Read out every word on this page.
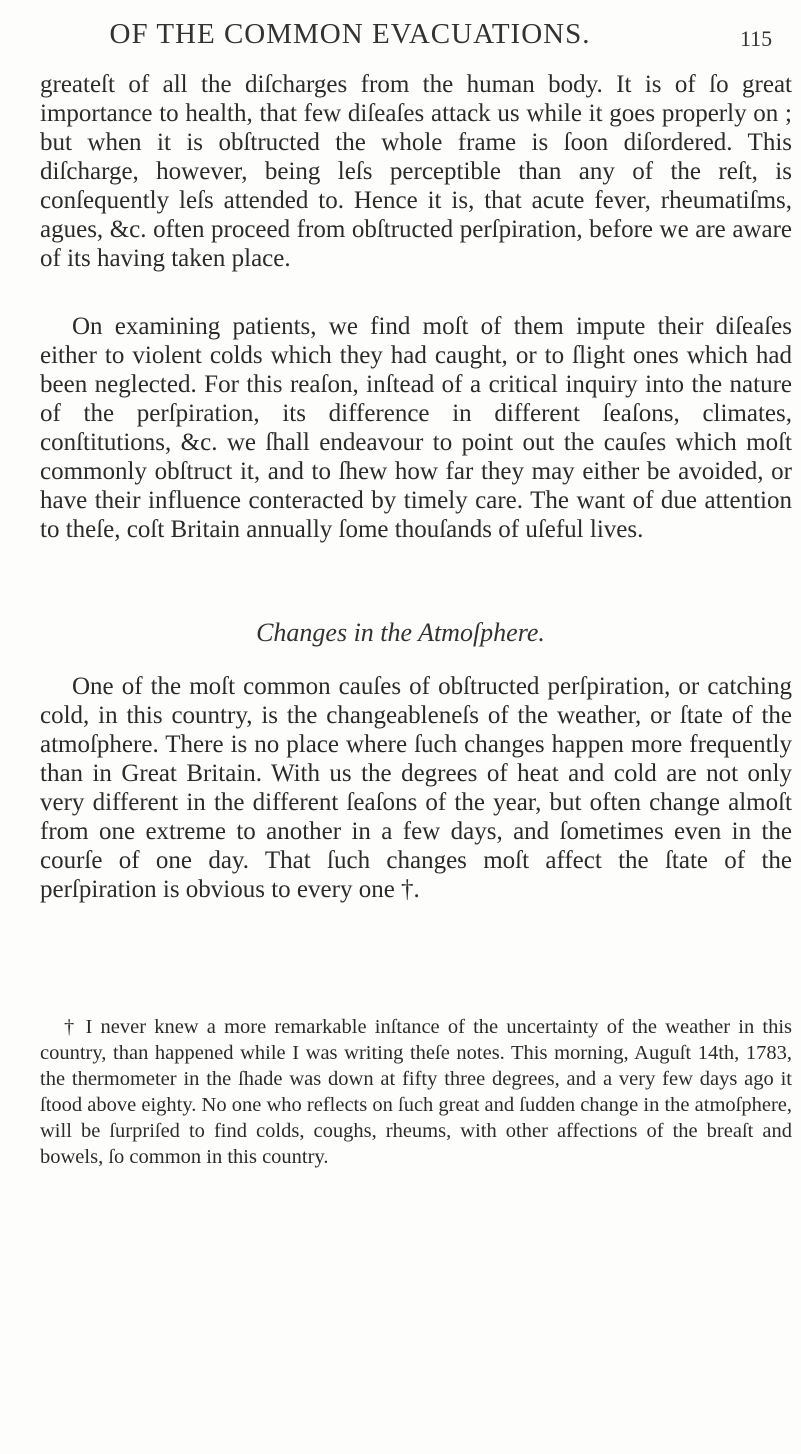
OF THE COMMON EVACUATIONS.	115

greateſt of all the diſcharges from the human body. It is of ſo great importance to health, that few diſeaſes attack us while it goes properly on ; but when it is obſtructed the whole frame is ſoon diſordered. This diſcharge, however, being leſs perceptible than any of the reſt, is conſequently leſs attended to. Hence it is, that acute fever, rheumatiſms, agues, &c. often proceed from obſtructed perſpiration, before we are aware of its having taken place.

On examining patients, we find moſt of them impute their diſeaſes either to violent colds which they had caught, or to ſlight ones which had been neglected. For this reaſon, inſtead of a critical inquiry into the nature of the perſpiration, its difference in different ſeaſons, climates, conſtitutions, &c. we ſhall endeavour to point out the cauſes which moſt commonly obſtruct it, and to ſhew how far they may either be avoided, or have their influence conteracted by timely care. The want of due attention to theſe, coſt Britain annually ſome thouſands of uſeful lives.

Changes in the Atmoſphere.

One of the moſt common cauſes of obſtructed perſpiration, or catching cold, in this country, is the changeableneſs of the weather, or ſtate of the atmoſphere. There is no place where ſuch changes happen more frequently than in Great Britain. With us the degrees of heat and cold are not only very different in the different ſeaſons of the year, but often change almoſt from one extreme to another in a few days, and ſometimes even in the courſe of one day. That ſuch changes moſt affect the ſtate of the perſpiration is obvious to every one †.

† I never knew a more remarkable inſtance of the uncertainty of the weather in this country, than happened while I was writing theſe notes. This morning, Auguſt 14th, 1783, the thermometer in the ſhade was down at fifty three degrees, and a very few days ago it ſtood above eighty. No one who reflects on ſuch great and ſudden change in the atmoſphere, will be ſurpriſed to find colds, coughs, rheums, with other affections of the breaſt and bowels, ſo common in this country.
